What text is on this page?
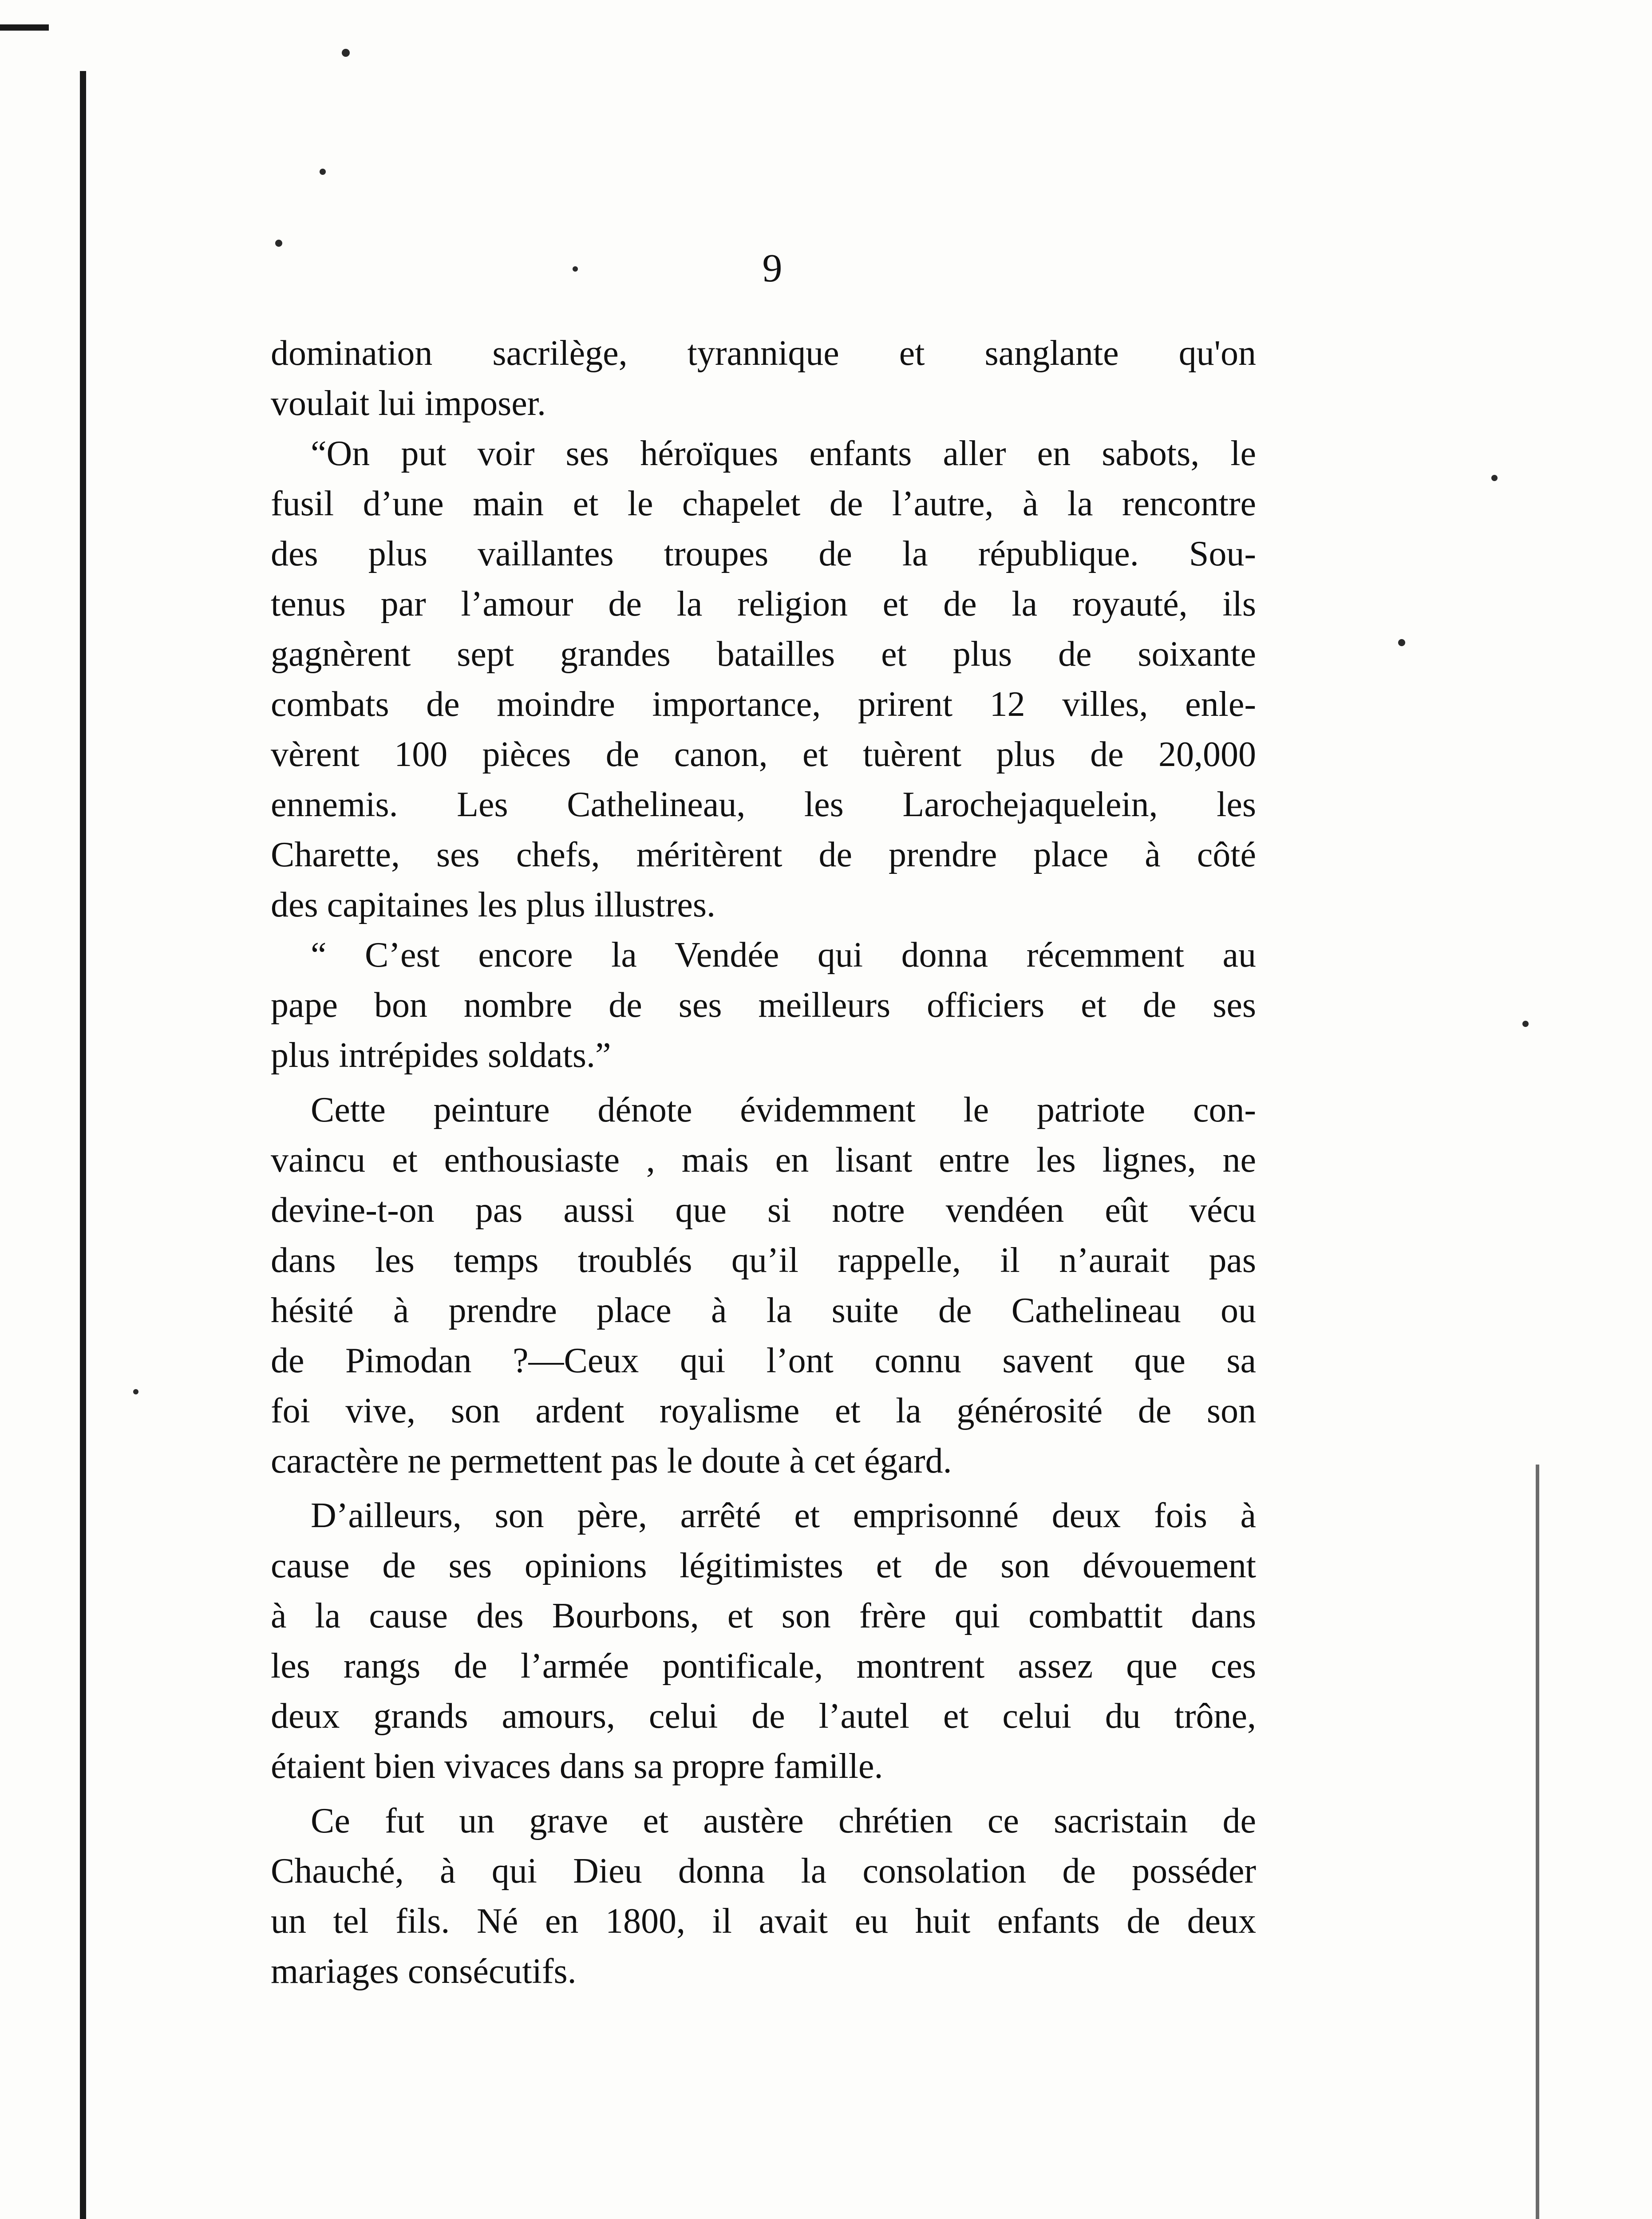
9
domination sacrilège, tyrannique et sanglante qu'on
voulait lui imposer.
“On put voir ses héroïques enfants aller en sabots, le
fusil d’une main et le chapelet de l’autre, à la rencontre
des plus vaillantes troupes de la république. Sou-
tenus par l’amour de la religion et de la royauté, ils
gagnèrent sept grandes batailles et plus de soixante
combats de moindre importance, prirent 12 villes, enle-
vèrent 100 pièces de canon, et tuèrent plus de 20,000
ennemis. Les Cathelineau, les Larochejaquelein, les
Charette, ses chefs, méritèrent de prendre place à côté
des capitaines les plus illustres.
“ C’est encore la Vendée qui donna récemment au
pape bon nombre de ses meilleurs officiers et de ses
plus intrépides soldats.”
Cette peinture dénote évidemment le patriote con-
vaincu et enthousiaste , mais en lisant entre les lignes, ne
devine-t-on pas aussi que si notre vendéen eût vécu
dans les temps troublés qu’il rappelle, il n’aurait pas
hésité à prendre place à la suite de Cathelineau ou
de Pimodan ?—Ceux qui l’ont connu savent que sa
foi vive, son ardent royalisme et la générosité de son
caractère ne permettent pas le doute à cet égard.
D’ailleurs, son père, arrêté et emprisonné deux fois à
cause de ses opinions légitimistes et de son dévouement
à la cause des Bourbons, et son frère qui combattit dans
les rangs de l’armée pontificale, montrent assez que ces
deux grands amours, celui de l’autel et celui du trône,
étaient bien vivaces dans sa propre famille.
Ce fut un grave et austère chrétien ce sacristain de
Chauché, à qui Dieu donna la consolation de posséder
un tel fils. Né en 1800, il avait eu huit enfants de deux
mariages consécutifs.
